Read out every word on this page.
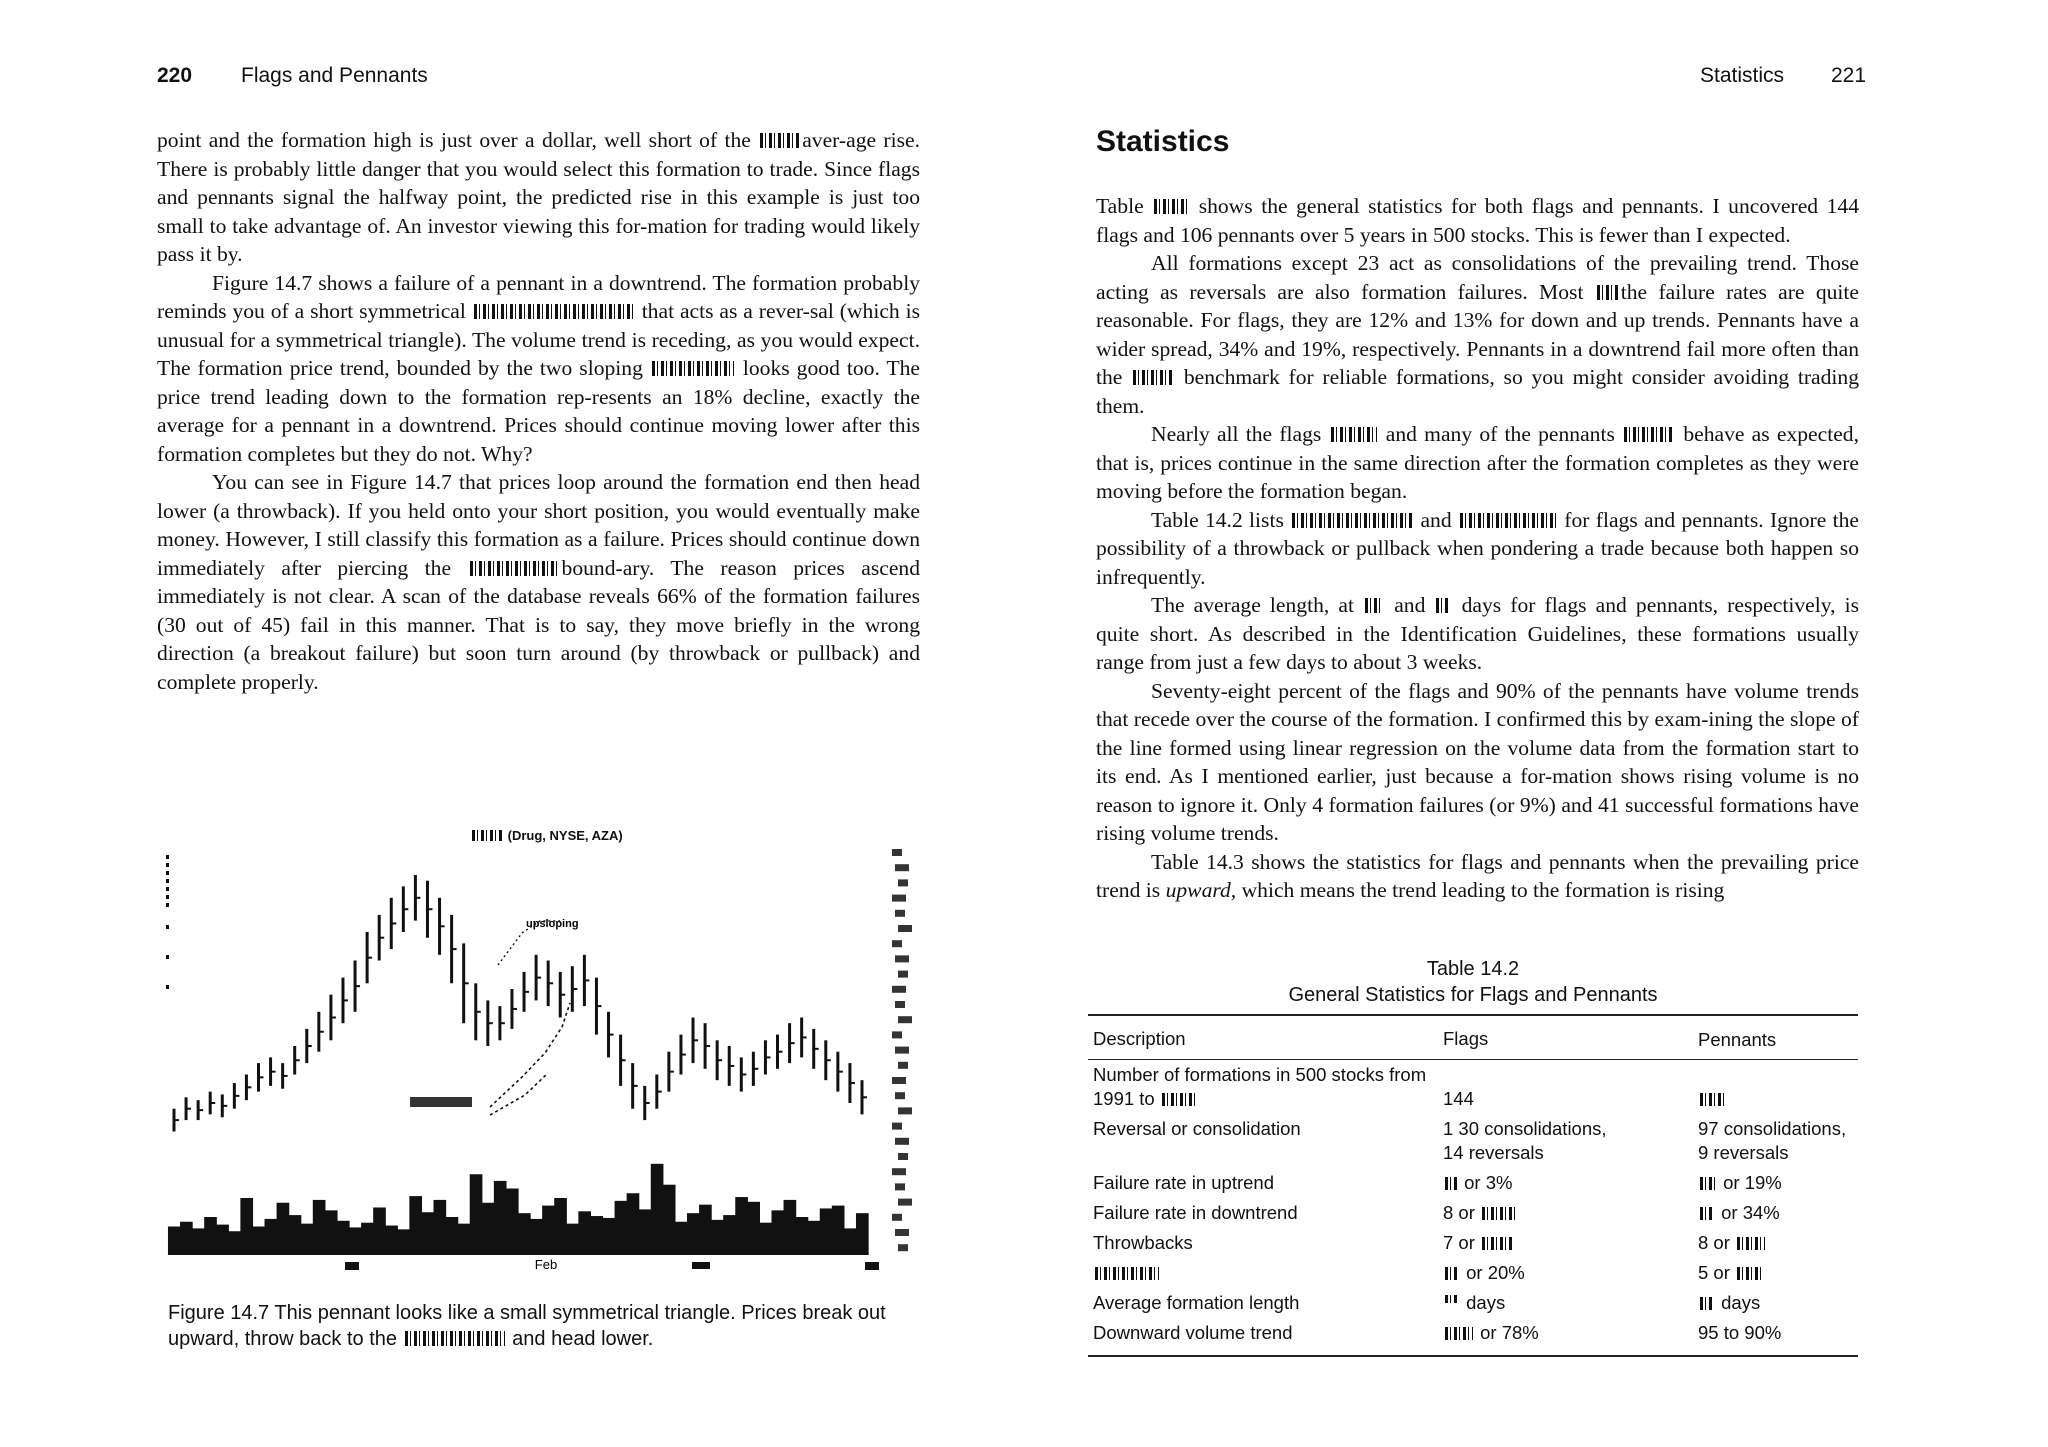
220 Flags and Pennants	Statistics 221

point and the formation high is just over a dollar, well short of the aver-age rise. There is probably little danger that you would select this formation to trade. Since flags and pennants signal the halfway point, the predicted rise in this example is just too small to take advantage of. An investor viewing this for-mation for trading would likely pass it by.

Figure 14.7 shows a failure of a pennant in a downtrend. The formation probably reminds you of a short symmetrical	that acts as a rever-sal (which is unusual for a symmetrical triangle). The volume trend is receding, as you would expect. The formation price trend, bounded by the two sloping	looks good too. The price trend leading down to the formation rep-resents an 18% decline, exactly the average for a pennant in a downtrend. Prices should continue moving lower after this formation completes but they do not. Why?

You can see in Figure 14.7 that prices loop around the formation end then head lower (a throwback). If you held onto your short position, you would eventually make money. However, I still classify this formation as a failure. Prices should continue down immediately after piercing the	bound-ary. The reason prices ascend immediately is not clear. A scan of the database reveals 66% of the formation failures (30 out of 45) fail in this manner. That is to say, they move briefly in the wrong direction (a breakout failure) but soon turn around (by throwback or pullback) and complete properly.

(Drug, NYSE, AZA)
upsloping
Feb
Figure 14.7 This pennant looks like a small symmetrical triangle. Prices break out upward, throw back to the	and head lower.
Statistics

Table	shows the general statistics for both flags and pennants. I uncovered 144 flags and 106 pennants over 5 years in 500 stocks. This is fewer than I expected.

All formations except 23 act as consolidations of the prevailing trend. Those acting as reversals are also formation failures. Most the failure rates are quite reasonable. For flags, they are 12% and 13% for down and up trends. Pennants have a wider spread, 34% and 19%, respectively. Pennants in a downtrend fail more often than the	benchmark for reliable formations, so you might consider avoiding trading them.

Nearly all the flags	and many of the pennants	behave as expected, that is, prices continue in the same direction after the formation completes as they were moving before the formation began.

Table 14.2 lists	and	for flags and pennants. Ignore the possibility of a throwback or pullback when pondering a trade because both happen so infrequently.

The average length, at and days for flags and pennants, respectively, is quite short. As described in the Identification Guidelines, these formations usually range from just a few days to about 3 weeks.

Seventy-eight percent of the flags and 90% of the pennants have volume trends that recede over the course of the formation. I confirmed this by exam-ining the slope of the line formed using linear regression on the volume data from the formation start to its end. As I mentioned earlier, just because a for-mation shows rising volume is no reason to ignore it. Only 4 formation failures (or 9%) and 41 successful formations have rising volume trends.

Table 14.3 shows the statistics for flags and pennants when the prevailing price trend is upward, which means the trend leading to the formation is rising

Table 14.2
General Statistics for Flags and Pennants
Description	Flags	Pennants
Number of formations in 500 stocks from 1991 to	144	
Reversal or consolidation	1 30 consolidations, 14 reversals	97 consolidations, 9 reversals
Failure rate in uptrend	or 3%	or 19%
Failure rate in downtrend	8 or	or 34%
Throwbacks	7 or	8 or
	or 20%	5 or
Average formation length	days	days
Downward volume trend	or 78%	95 to 90%
